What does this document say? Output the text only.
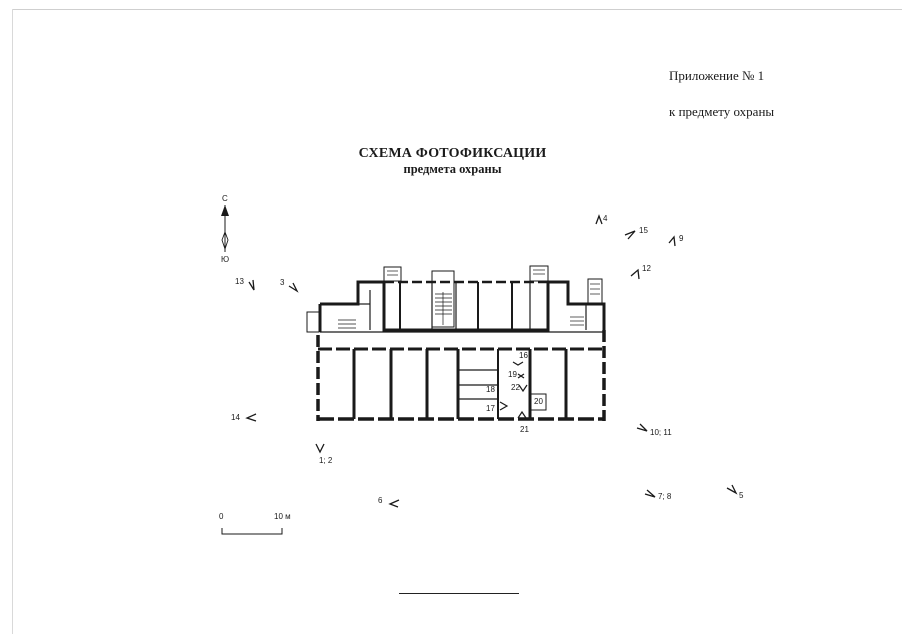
Приложение № 1
к предмету охраны
СХЕМА ФОТОФИКСАЦИИ
предмета охраны
С
Ю
16
19
18 22
17
20
21
1; 2
3
4
5
6	7; 8
9
10; 11
12
13
14
15
0	10 м
